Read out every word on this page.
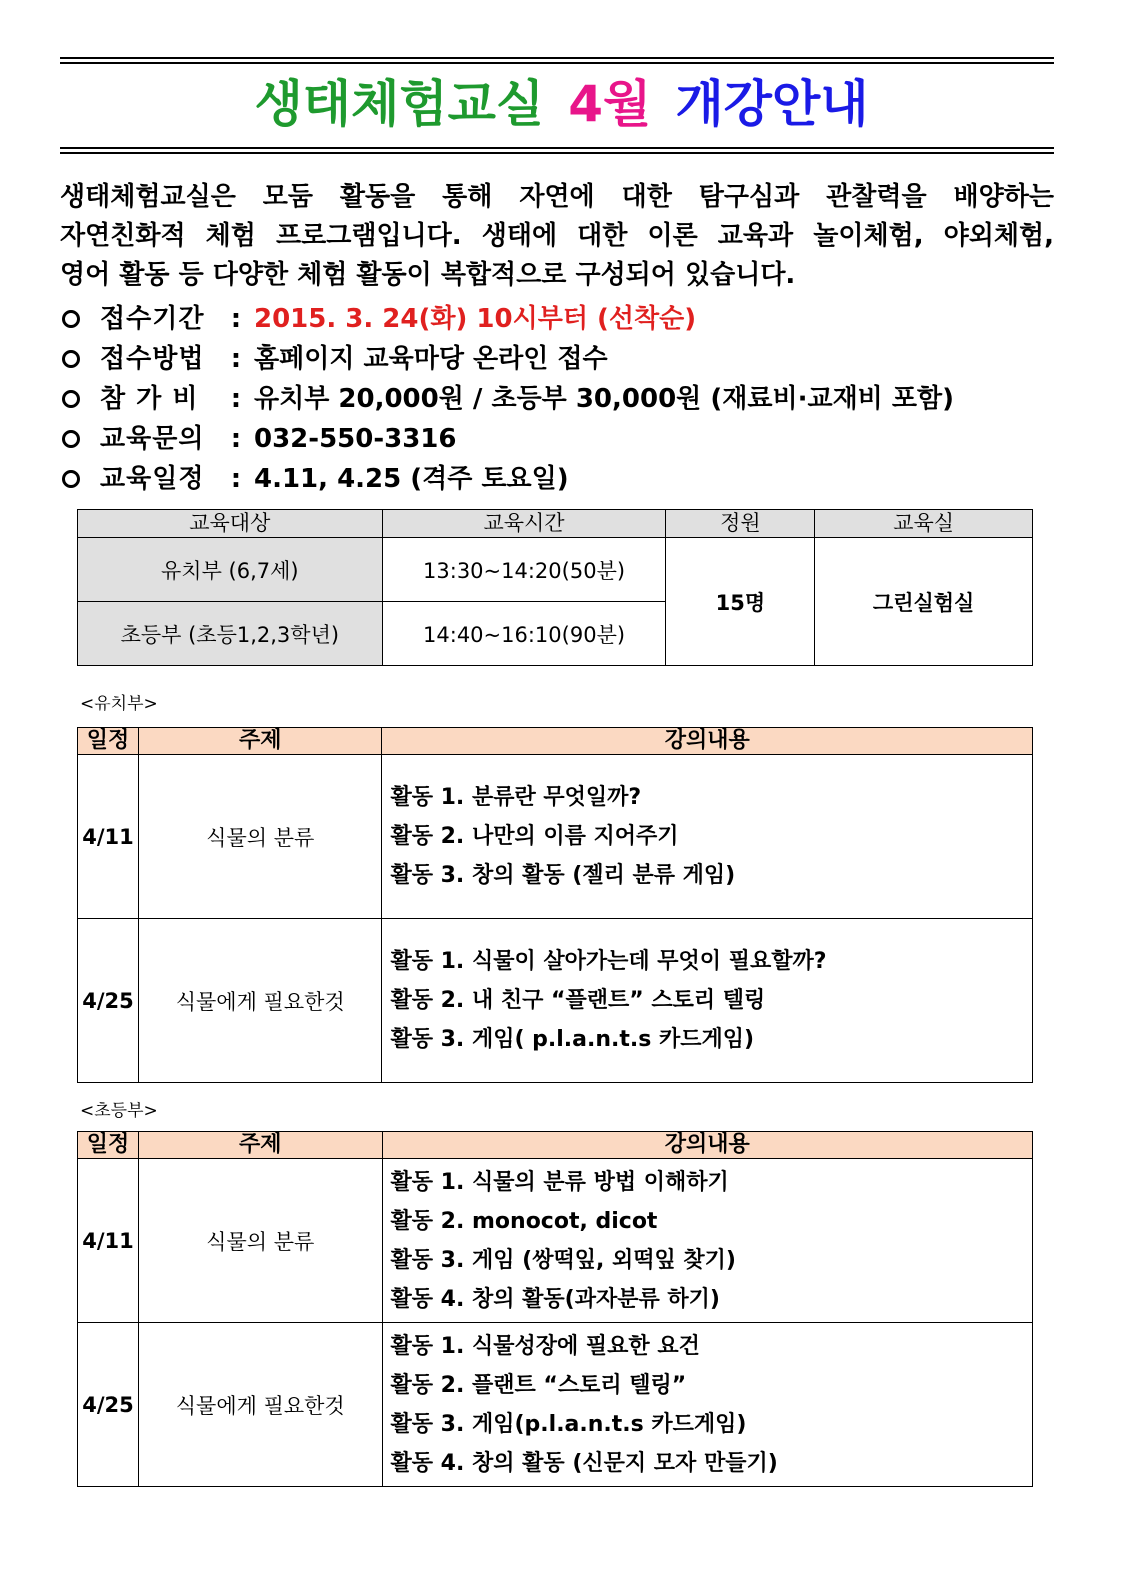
생태체험교실 4월 개강안내
생태체험교실은 모둠 활동을 통해 자연에 대한 탐구심과 관찰력을 배양하는
자연친화적 체험 프로그램입니다. 생태에 대한 이론 교육과 놀이체험, 야외체험,
영어 활동 등 다양한 체험 활동이 복합적으로 구성되어 있습니다.
접수기간	: 2015. 3. 24(화) 10시부터 (선착순)
접수방법	: 홈페이지 교육마당 온라인 접수
참 가 비	: 유치부 20,000원 / 초등부 30,000원 (재료비·교재비 포함)
교육문의	: 032-550-3316
교육일정	: 4.11, 4.25 (격주 토요일)
교육대상	교육시간	정원	교육실
유치부 (6,7세)	13:30~14:20(50분)	15명	그린실험실
초등부 (초등1,2,3학년)	14:40~16:10(90분)		
<유치부>
일정	주제	강의내용
4/11	식물의 분류	활동 1. 분류란 무엇일까?
활동 2. 나만의 이름 지어주기
활동 3. 창의 활동 (젤리 분류 게임)

4/25	식물에게 필요한것	활동 1. 식물이 살아가는데 무엇이 필요할까?
활동 2. 내 친구 “플랜트” 스토리 텔링
활동 3. 게임( p.l.a.n.t.s 카드게임)
<초등부>
일정	주제	강의내용
4/11	식물의 분류	활동 1. 식물의 분류 방법 이해하기
활동 2. monocot, dicot
활동 3. 게임 (쌍떡잎, 외떡잎 찾기)
활동 4. 창의 활동(과자분류 하기)

4/25	식물에게 필요한것	활동 1. 식물성장에 필요한 요건
활동 2. 플랜트 “스토리 텔링”
활동 3. 게임(p.l.a.n.t.s 카드게임)
활동 4. 창의 활동 (신문지 모자 만들기)
